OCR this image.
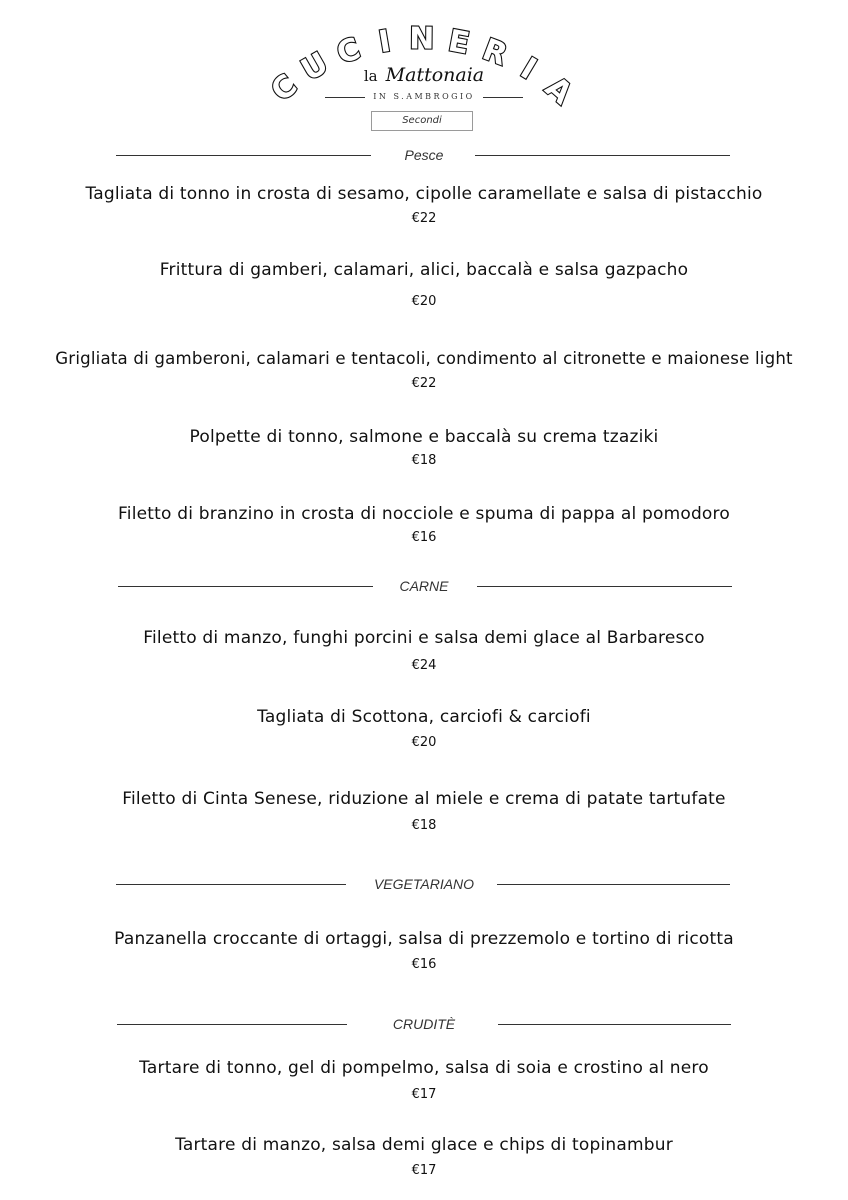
C
U
C I N E R I
A
la Mattonaia
IN S.AMBROGIO
Secondi
Pesce
Tagliata di tonno in crosta di sesamo, cipolle caramellate e salsa di pistacchio
€22
Frittura di gamberi, calamari, alici, baccalà e salsa gazpacho
€20
Grigliata di gamberoni, calamari e tentacoli, condimento al citronette e maionese light
€22
Polpette di tonno, salmone e baccalà su crema tzaziki
€18
Filetto di branzino in crosta di nocciole e spuma di pappa al pomodoro
€16
CARNE
Filetto di manzo, funghi porcini e salsa demi glace al Barbaresco
€24
Tagliata di Scottona, carciofi & carciofi
€20
Filetto di Cinta Senese, riduzione al miele e crema di patate tartufate
€18
VEGETARIANO
Panzanella croccante di ortaggi, salsa di prezzemolo e tortino di ricotta
€16
CRUDITÈ
Tartare di tonno, gel di pompelmo, salsa di soia e crostino al nero
€17
Tartare di manzo, salsa demi glace e chips di topinambur
€17
